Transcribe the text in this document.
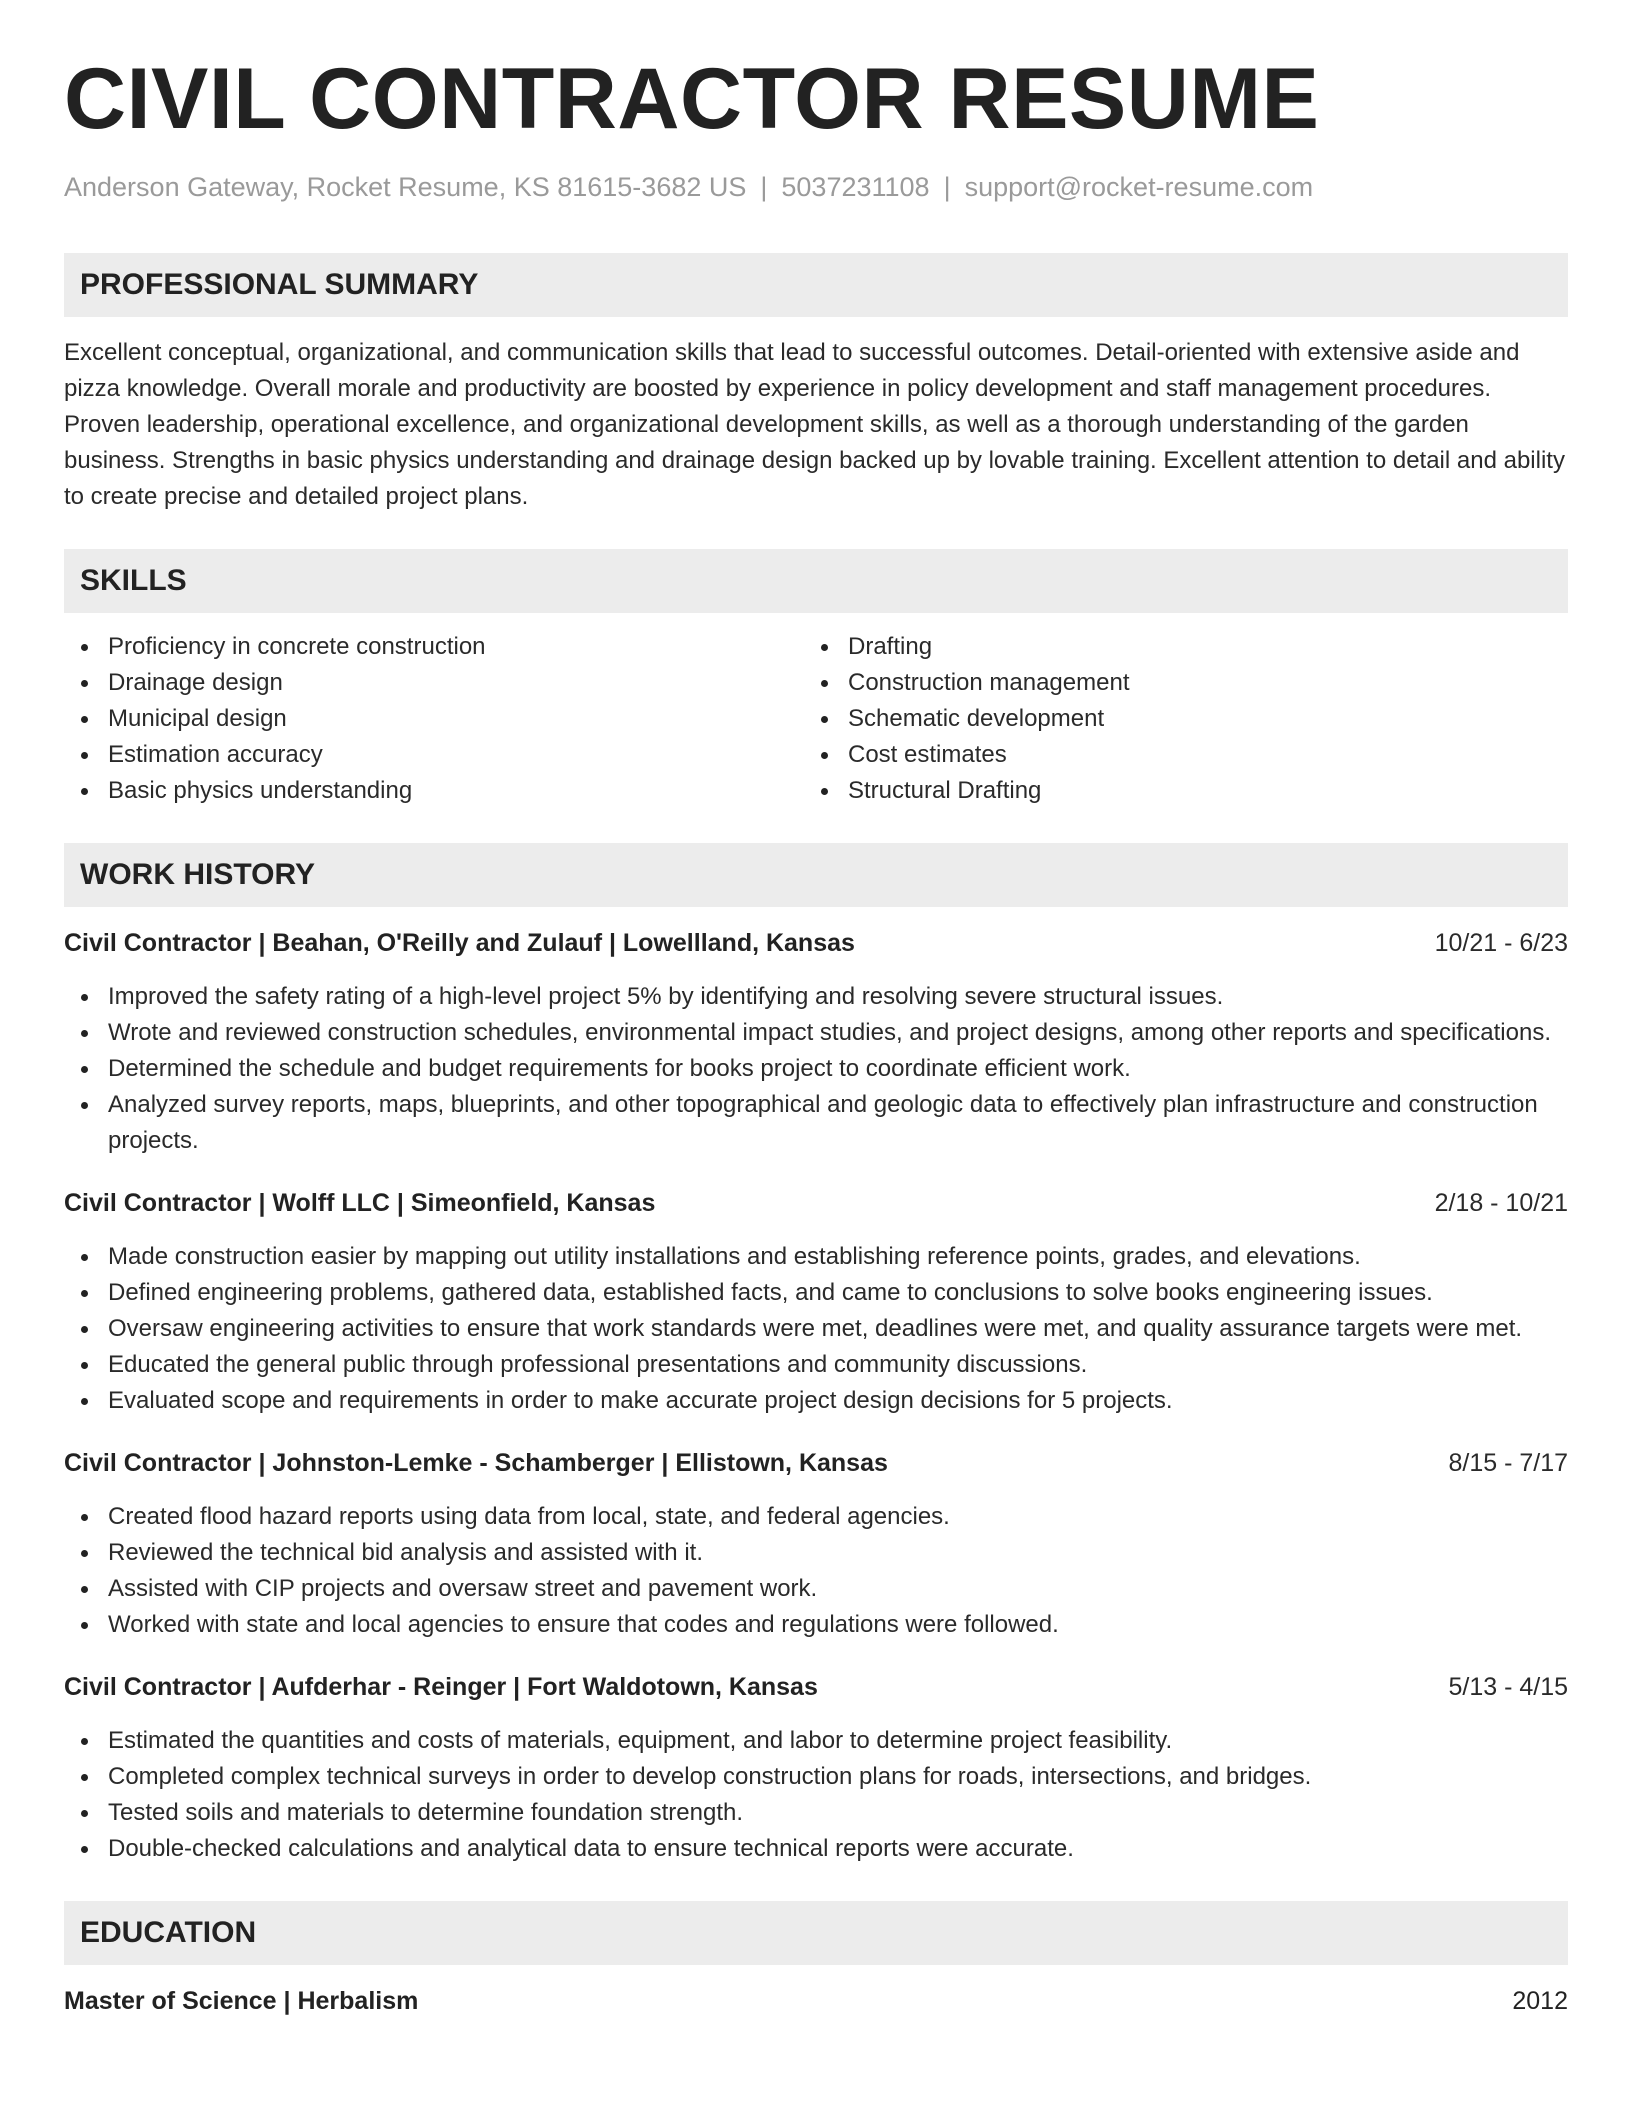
CIVIL CONTRACTOR RESUME
Anderson Gateway, Rocket Resume, KS 81615-3682 US | 5037231108 | support@rocket-resume.com
PROFESSIONAL SUMMARY
Excellent conceptual, organizational, and communication skills that lead to successful outcomes. Detail-oriented with extensive aside and pizza knowledge. Overall morale and productivity are boosted by experience in policy development and staff management procedures. Proven leadership, operational excellence, and organizational development skills, as well as a thorough understanding of the garden business. Strengths in basic physics understanding and drainage design backed up by lovable training. Excellent attention to detail and ability to create precise and detailed project plans.
SKILLS
Proficiency in concrete construction
Drainage design
Municipal design
Estimation accuracy
Basic physics understanding
Drafting
Construction management
Schematic development
Cost estimates
Structural Drafting
WORK HISTORY
Civil Contractor | Beahan, O'Reilly and Zulauf | Lowellland, Kansas	10/21 - 6/23
Improved the safety rating of a high-level project 5% by identifying and resolving severe structural issues.
Wrote and reviewed construction schedules, environmental impact studies, and project designs, among other reports and specifications.
Determined the schedule and budget requirements for books project to coordinate efficient work.
Analyzed survey reports, maps, blueprints, and other topographical and geologic data to effectively plan infrastructure and construction projects.
Civil Contractor | Wolff LLC | Simeonfield, Kansas	2/18 - 10/21
Made construction easier by mapping out utility installations and establishing reference points, grades, and elevations.
Defined engineering problems, gathered data, established facts, and came to conclusions to solve books engineering issues.
Oversaw engineering activities to ensure that work standards were met, deadlines were met, and quality assurance targets were met.
Educated the general public through professional presentations and community discussions.
Evaluated scope and requirements in order to make accurate project design decisions for 5 projects.
Civil Contractor | Johnston-Lemke - Schamberger | Ellistown, Kansas	8/15 - 7/17
Created flood hazard reports using data from local, state, and federal agencies.
Reviewed the technical bid analysis and assisted with it.
Assisted with CIP projects and oversaw street and pavement work.
Worked with state and local agencies to ensure that codes and regulations were followed.
Civil Contractor | Aufderhar - Reinger | Fort Waldotown, Kansas	5/13 - 4/15
Estimated the quantities and costs of materials, equipment, and labor to determine project feasibility.
Completed complex technical surveys in order to develop construction plans for roads, intersections, and bridges.
Tested soils and materials to determine foundation strength.
Double-checked calculations and analytical data to ensure technical reports were accurate.
EDUCATION
Master of Science | Herbalism	2012
